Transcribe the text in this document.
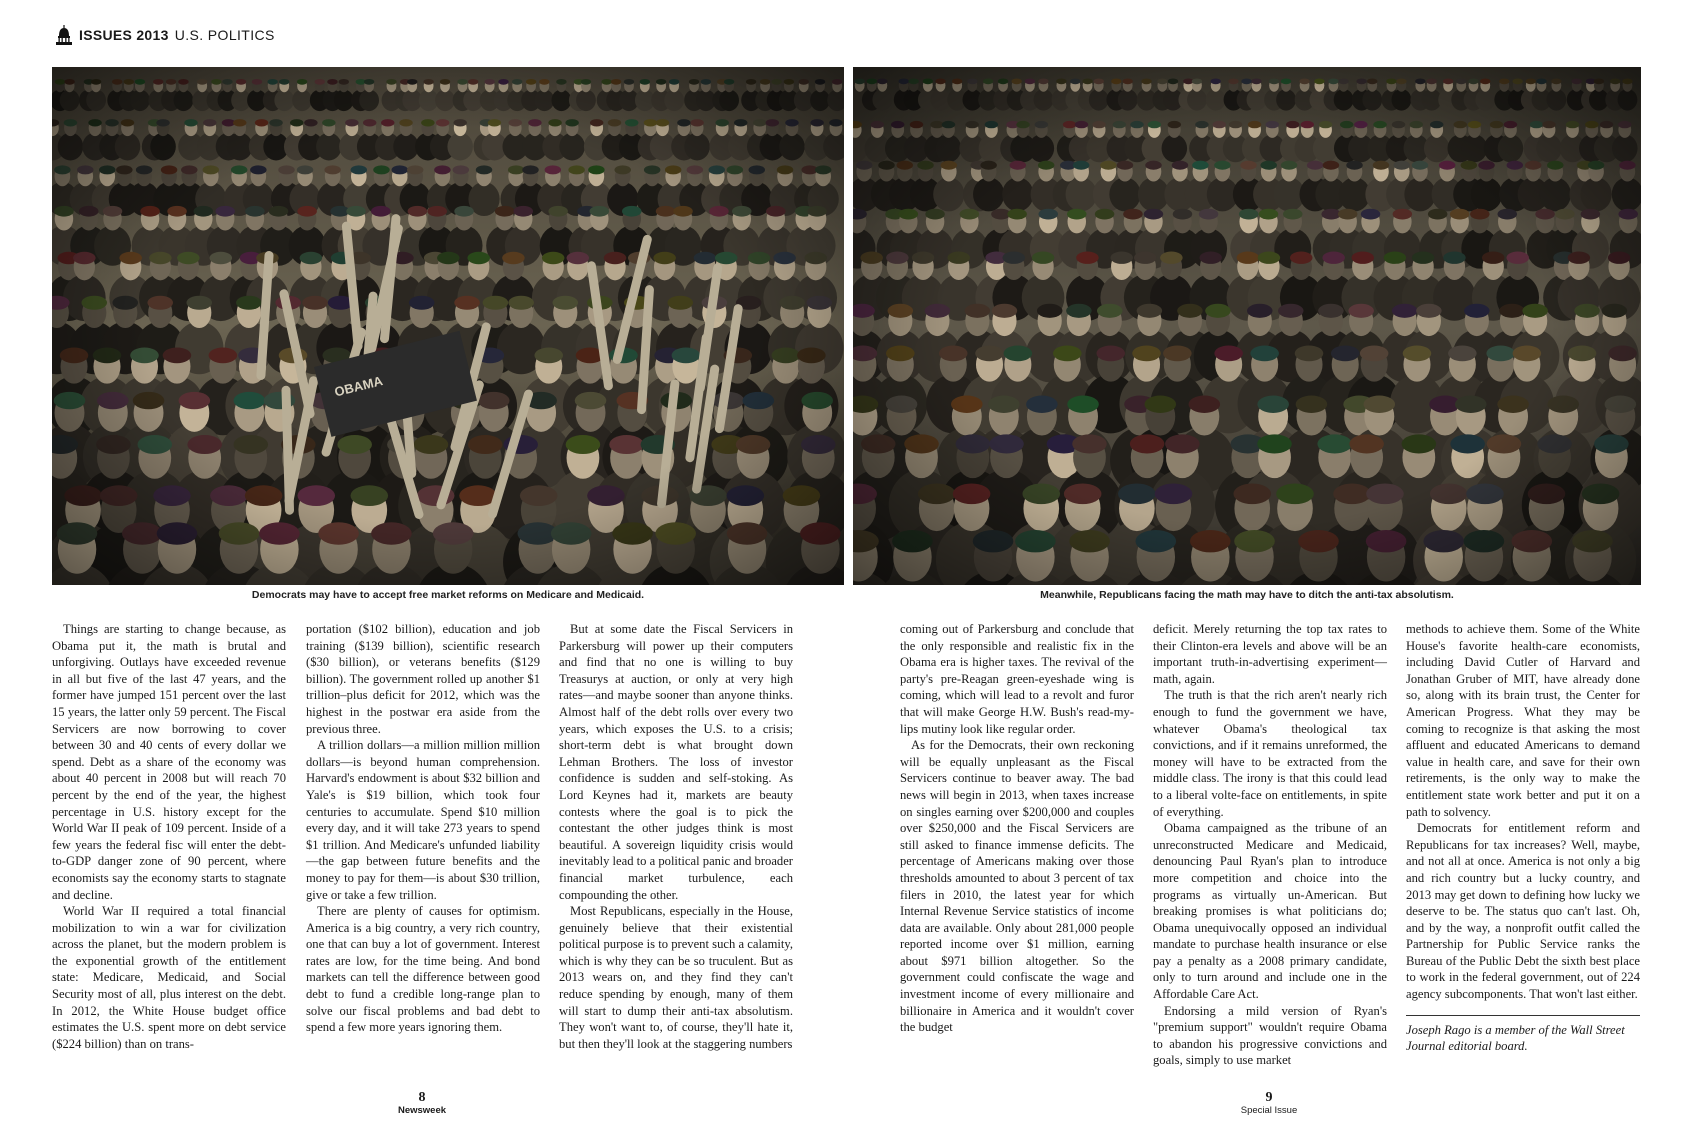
ISSUES 2013 U.S. POLITICS
Democrats may have to accept free market reforms on Medicare and Medicaid.	Meanwhile, Republicans facing the math may have to ditch the anti-tax absolutism.

Things are starting to change because, as Obama put it, the math is brutal and unforgiving. Outlays have exceeded revenue in all but five of the last 47 years, and the former have jumped 151 percent over the last 15 years, the latter only 59 percent. The Fiscal Servicers are now borrowing to cover between 30 and 40 cents of every dollar we spend. Debt as a share of the economy was about 40 percent in 2008 but will reach 70 percent by the end of the year, the highest percentage in U.S. history except for the World War II peak of 109 percent. Inside of a few years the federal fisc will enter the debt-to-GDP danger zone of 90 percent, where economists say the economy starts to stagnate and decline.

World War II required a total financial mobilization to win a war for civilization across the planet, but the modern problem is the exponential growth of the entitlement state: Medicare, Medicaid, and Social Security most of all, plus interest on the debt. In 2012, the White House budget office estimates the U.S. spent more on debt service ($224 billion) than on trans-

portation ($102 billion), education and job training ($139 billion), scientific research ($30 billion), or veterans benefits ($129 billion). The government rolled up another $1 trillion–plus deficit for 2012, which was the highest in the postwar era aside from the previous three.

A trillion dollars—a million million million dollars—is beyond human comprehension. Harvard's endowment is about $32 billion and Yale's is $19 billion, which took four centuries to accumulate. Spend $10 million every day, and it will take 273 years to spend $1 trillion. And Medicare's unfunded liability—the gap between future benefits and the money to pay for them—is about $30 trillion, give or take a few trillion.

There are plenty of causes for optimism. America is a big country, a very rich country, one that can buy a lot of government. Interest rates are low, for the time being. And bond markets can tell the difference between good debt to fund a credible long-range plan to solve our fiscal problems and bad debt to spend a few more years ignoring them.

But at some date the Fiscal Servicers in Parkersburg will power up their computers and find that no one is willing to buy Treasurys at auction, or only at very high rates—and maybe sooner than anyone thinks. Almost half of the debt rolls over every two years, which exposes the U.S. to a crisis; short-term debt is what brought down Lehman Brothers. The loss of investor confidence is sudden and self-stoking. As Lord Keynes had it, markets are beauty contests where the goal is to pick the contestant the other judges think is most beautiful. A sovereign liquidity crisis would inevitably lead to a political panic and broader financial market turbulence, each compounding the other.

Most Republicans, especially in the House, genuinely believe that their existential political purpose is to prevent such a calamity, which is why they can be so truculent. But as 2013 wears on, and they find they can't reduce spending by enough, many of them will start to dump their anti-tax absolutism. They won't want to, of course, they'll hate it, but then they'll look at the staggering numbers

coming out of Parkersburg and conclude that the only responsible and realistic fix in the Obama era is higher taxes. The revival of the party's pre-Reagan green-eyeshade wing is coming, which will lead to a revolt and furor that will make George H.W. Bush's read-my-lips mutiny look like regular order.

As for the Democrats, their own reckoning will be equally unpleasant as the Fiscal Servicers continue to beaver away. The bad news will begin in 2013, when taxes increase on singles earning over $200,000 and couples over $250,000 and the Fiscal Servicers are still asked to finance immense deficits. The percentage of Americans making over those thresholds amounted to about 3 percent of tax filers in 2010, the latest year for which Internal Revenue Service statistics of income data are available. Only about 281,000 people reported income over $1 million, earning about $971 billion altogether. So the government could confiscate the wage and investment income of every millionaire and billionaire in America and it wouldn't cover the budget

deficit. Merely returning the top tax rates to their Clinton-era levels and above will be an important truth-in-advertising experiment—math, again.

The truth is that the rich aren't nearly rich enough to fund the government we have, whatever Obama's theological tax convictions, and if it remains unreformed, the money will have to be extracted from the middle class. The irony is that this could lead to a liberal volte-face on entitlements, in spite of everything.

Obama campaigned as the tribune of an unreconstructed Medicare and Medicaid, denouncing Paul Ryan's plan to introduce more competition and choice into the programs as virtually un-American. But breaking promises is what politicians do; Obama unequivocally opposed an individual mandate to purchase health insurance or else pay a penalty as a 2008 primary candidate, only to turn around and include one in the Affordable Care Act.

Endorsing a mild version of Ryan's "premium support" wouldn't require Obama to abandon his progressive convictions and goals, simply to use market

methods to achieve them. Some of the White House's favorite health-care economists, including David Cutler of Harvard and Jonathan Gruber of MIT, have already done so, along with its brain trust, the Center for American Progress. What they may be coming to recognize is that asking the most affluent and educated Americans to demand value in health care, and save for their own retirements, is the only way to make the entitlement state work better and put it on a path to solvency.

Democrats for entitlement reform and Republicans for tax increases? Well, maybe, and not all at once. America is not only a big and rich country but a lucky country, and 2013 may get down to defining how lucky we deserve to be. The status quo can't last. Oh, and by the way, a nonprofit outfit called the Partnership for Public Service ranks the Bureau of the Public Debt the sixth best place to work in the federal government, out of 224 agency subcomponents. That won't last either.

Joseph Rago is a member of the Wall Street Journal editorial board.

8
Newsweek
9
Special Issue
